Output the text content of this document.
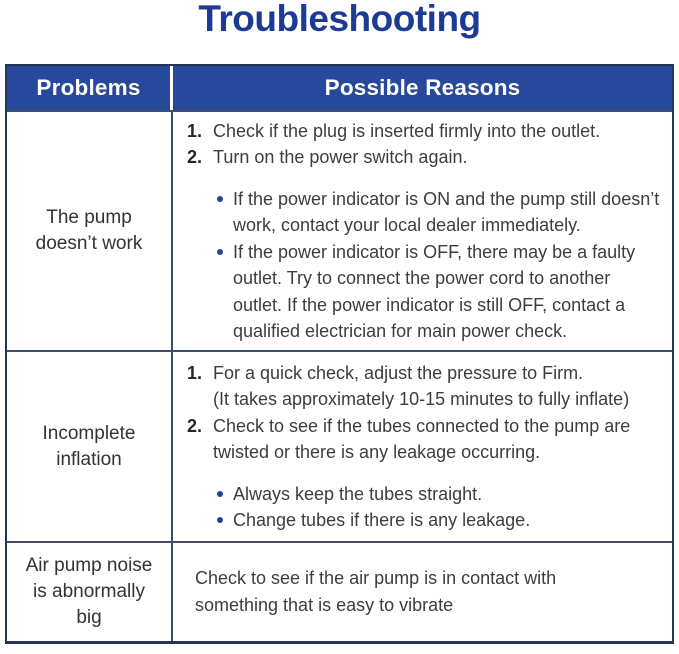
Troubleshooting
Problems	Possible Reasons
The pump
doesn’t work
1. Check if the plug is inserted firmly into the outlet.
2. Turn on the power switch again.
If the power indicator is ON and the pump still doesn’t work, contact your local dealer immediately.
If the power indicator is OFF, there may be a faulty outlet. Try to connect the power cord to another outlet. If the power indicator is still OFF, contact a qualified electrician for main power check.
Incomplete
inflation
1. For a quick check, adjust the pressure to Firm.
(It takes approximately 10-15 minutes to fully inflate)
2. Check to see if the tubes connected to the pump are twisted or there is any leakage occurring.
Always keep the tubes straight.
Change tubes if there is any leakage.
Air pump noise
is abnormally
big
Check to see if the air pump is in contact with something that is easy to vibrate
